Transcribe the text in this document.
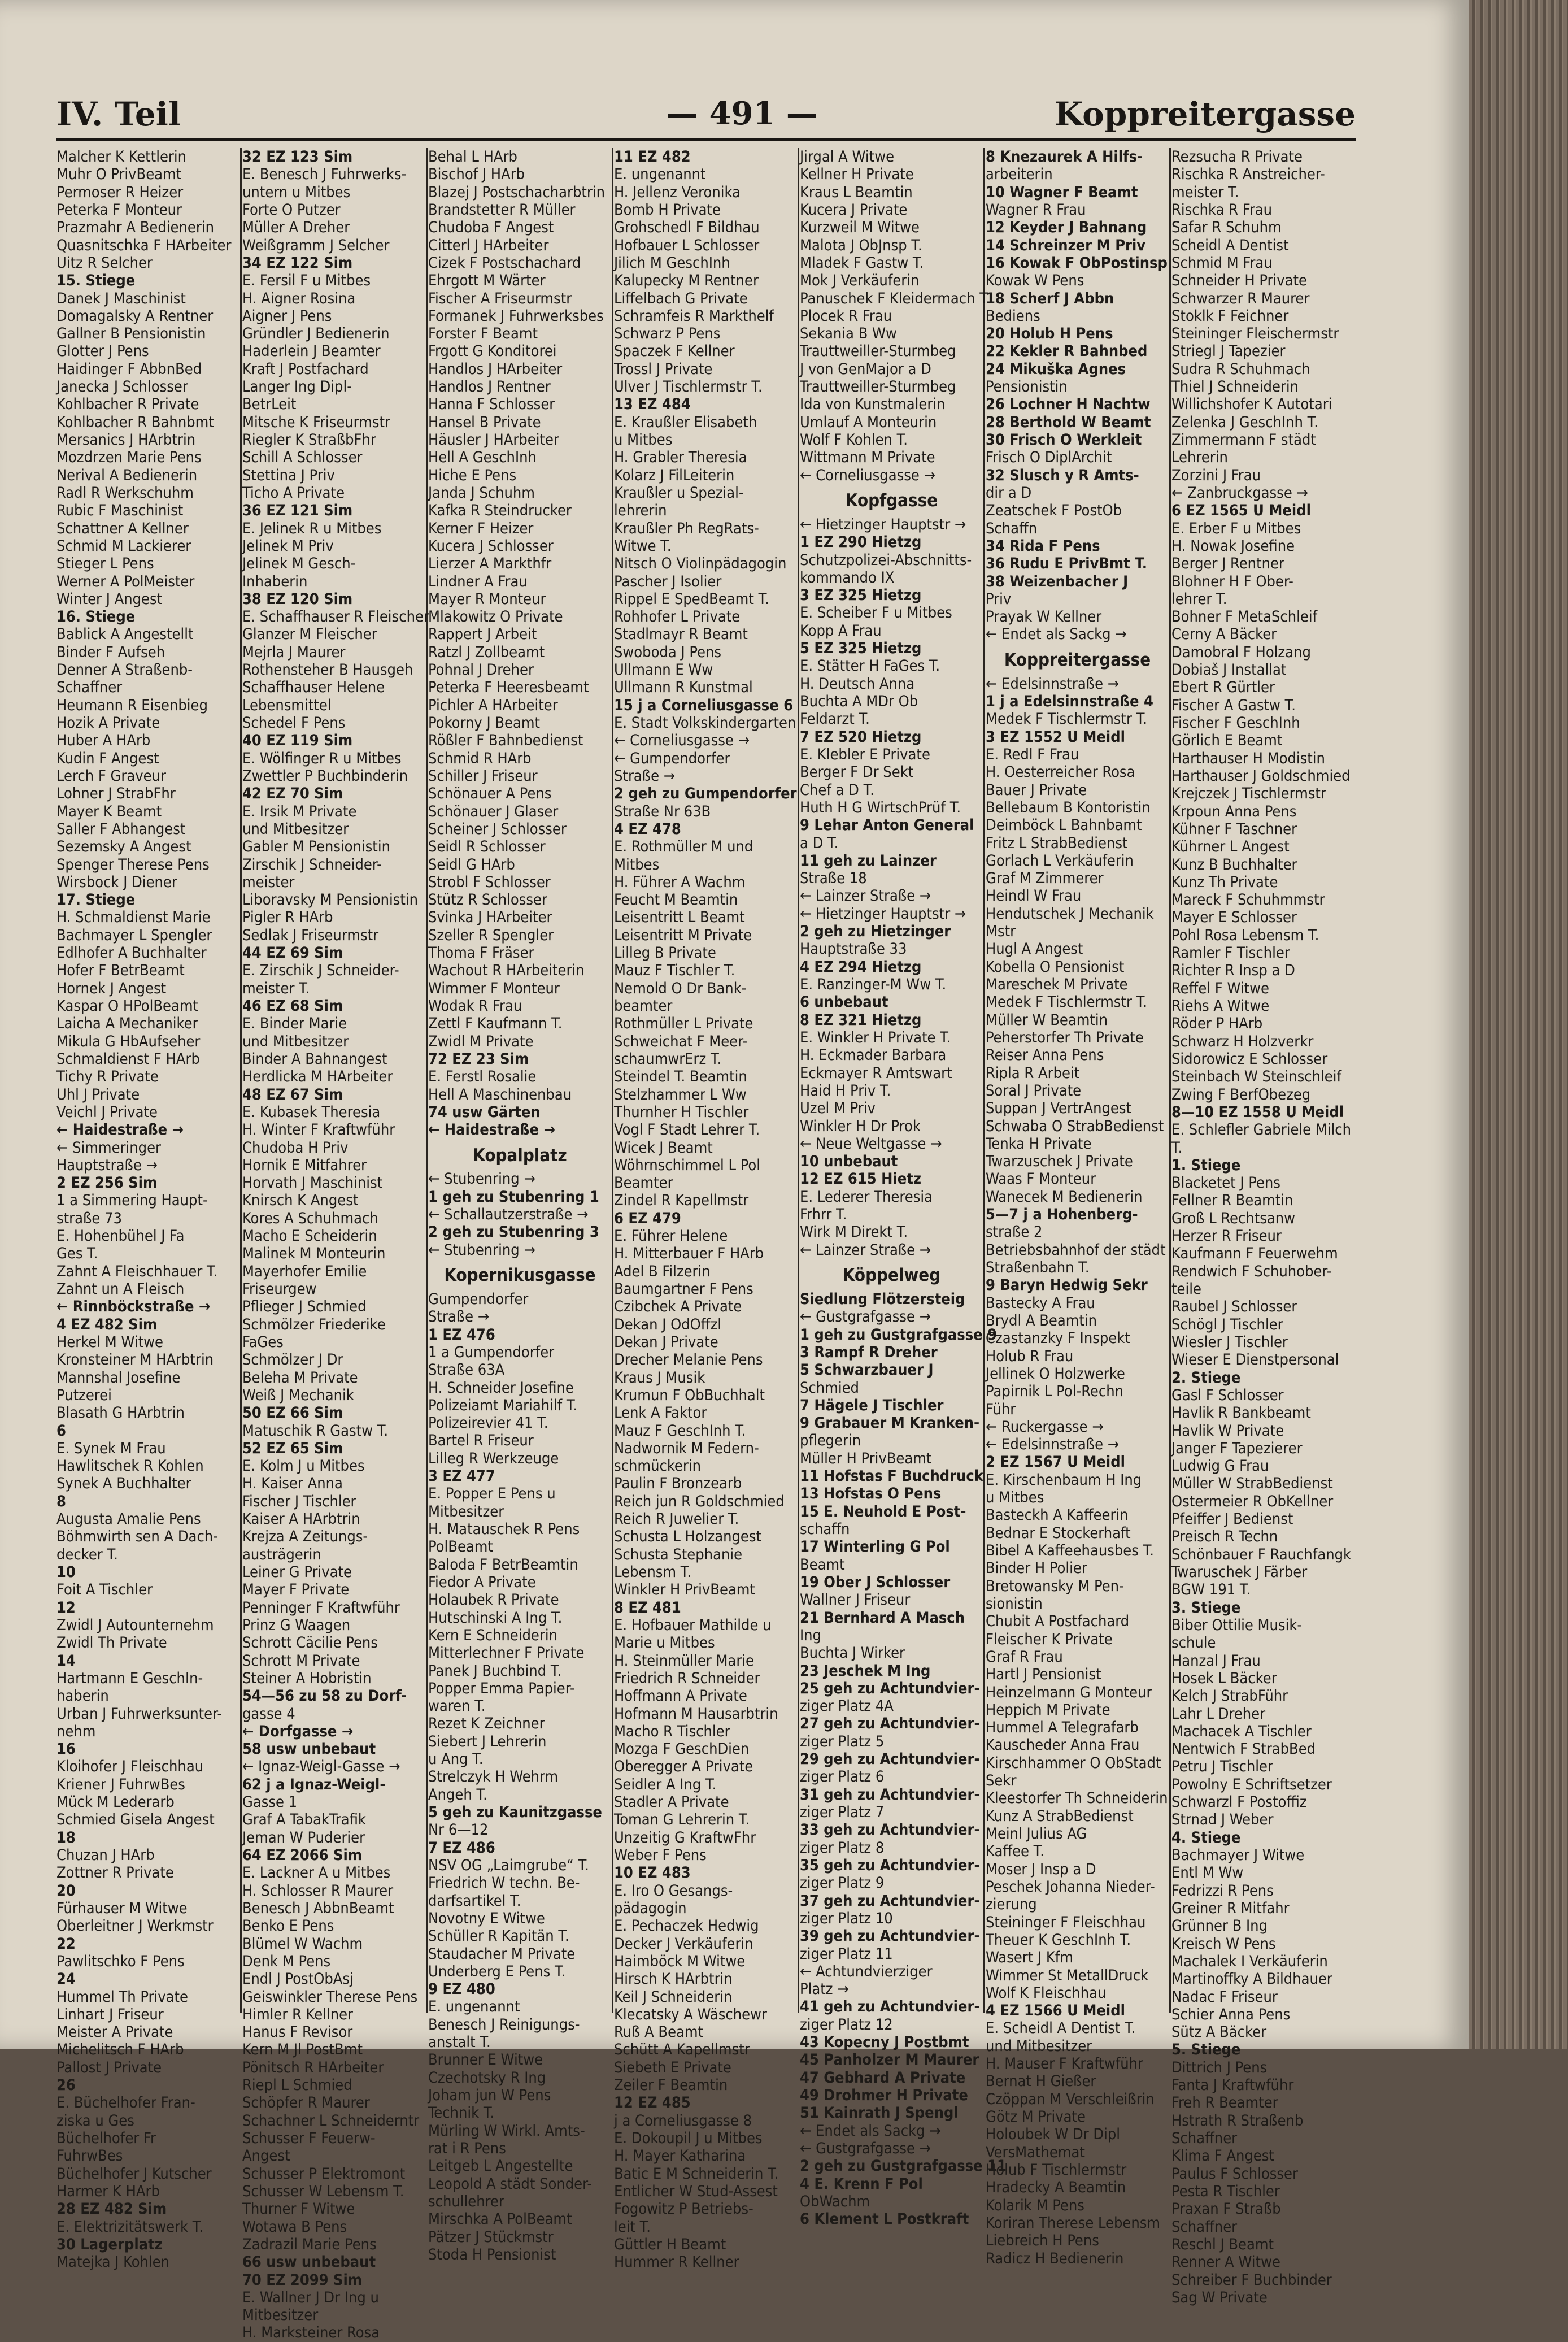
IV. Teil	— 491 —	Koppreitergasse
Malcher K Kettlerin
Muhr O PrivBeamt
Permoser R Heizer
Peterka F Monteur
Prazmahr A Bedienerin
Quasnitschka F HArbeiter
Uitz R Selcher
15. Stiege
Danek J Maschinist
Domagalsky A Rentner
Gallner B Pensionistin
Glotter J Pens
Haidinger F AbbnBed
Janecka J Schlosser
Kohlbacher R Private
Kohlbacher R Bahnbmt
Mersanics J HArbtrin
Mozdrzen Marie Pens
Nerival A Bedienerin
Radl R Werkschuhm
Rubic F Maschinist
Schattner A Kellner
Schmid M Lackierer
Stieger L Pens
Werner A PolMeister
Winter J Angest
16. Stiege
Bablick A Angestellt
Binder F Aufseh
Denner A Straßenb-
Schaffner
Heumann R Eisenbieg
Hozik A Private
Huber A HArb
Kudin F Angest
Lerch F Graveur
Lohner J StrabFhr
Mayer K Beamt
Saller F Abhangest
Sezemsky A Angest
Spenger Therese Pens
Wirsbock J Diener
17. Stiege
H. Schmaldienst Marie
Bachmayer L Spengler
Edlhofer A Buchhalter
Hofer F BetrBeamt
Hornek J Angest
Kaspar O HPolBeamt
Laicha A Mechaniker
Mikula G HbAufseher
Schmaldienst F HArb
Tichy R Private
Uhl J Private
Veichl J Private
← Haidestraße →
← Simmeringer
Hauptstraße →
2 EZ 256 Sim
1 a Simmering Haupt-
straße 73
E. Hohenbühel J Fa
Ges T.
Zahnt A Fleischhauer T.
Zahnt un A Fleisch
← Rinnböckstraße →
4 EZ 482 Sim
Herkel M Witwe
Kronsteiner M HArbtrin
Mannshal Josefine
Putzerei
Blasath G HArbtrin
6
E. Synek M Frau
Hawlitschek R Kohlen
Synek A Buchhalter
8
Augusta Amalie Pens
Böhmwirth sen A Dach-
decker T.
10
Foit A Tischler
12
Zwidl J Autounternehm
Zwidl Th Private
14
Hartmann E GeschIn-
haberin
Urban J Fuhrwerksunter-
nehm
16
Kloihofer J Fleischhau
Kriener J FuhrwBes
Mück M Lederarb
Schmied Gisela Angest
18
Chuzan J HArb
Zottner R Private
20
Fürhauser M Witwe
Oberleitner J Werkmstr
22
Pawlitschko F Pens
24
Hummel Th Private
Linhart J Friseur
Meister A Private
Michelitsch F HArb
Pallost J Private
26
E. Büchelhofer Fran-
ziska u Ges
Büchelhofer Fr
FuhrwBes
Büchelhofer J Kutscher
Harmer K HArb
28 EZ 482 Sim
E. Elektrizitätswerk T.
30 Lagerplatz
Matejka J Kohlen
32 EZ 123 Sim
E. Benesch J Fuhrwerks-
untern u Mitbes
Forte O Putzer
Müller A Dreher
Weißgramm J Selcher
34 EZ 122 Sim
E. Fersil F u Mitbes
H. Aigner Rosina
Aigner J Pens
Gründler J Bedienerin
Haderlein J Beamter
Kraft J Postfachard
Langer Ing Dipl-
BetrLeit
Mitsche K Friseurmstr
Riegler K StraßbFhr
Schill A Schlosser
Stettina J Priv
Ticho A Private
36 EZ 121 Sim
E. Jelinek R u Mitbes
Jelinek M Priv
Jelinek M Gesch-
Inhaberin
38 EZ 120 Sim
E. Schaffhauser R Fleischer
Glanzer M Fleischer
Mejrla J Maurer
Rothensteher B Hausgeh
Schaffhauser Helene
Lebensmittel
Schedel F Pens
40 EZ 119 Sim
E. Wölfinger R u Mitbes
Zwettler P Buchbinderin
42 EZ 70 Sim
E. Irsik M Private
und Mitbesitzer
Gabler M Pensionistin
Zirschik J Schneider-
meister
Liboravsky M Pensionistin
Pigler R HArb
Sedlak J Friseurmstr
44 EZ 69 Sim
E. Zirschik J Schneider-
meister T.
46 EZ 68 Sim
E. Binder Marie
und Mitbesitzer
Binder A Bahnangest
Herdlicka M HArbeiter
48 EZ 67 Sim
E. Kubasek Theresia
H. Winter F Kraftwführ
Chudoba H Priv
Hornik E Mitfahrer
Horvath J Maschinist
Knirsch K Angest
Kores A Schuhmach
Macho E Scheiderin
Malinek M Monteurin
Mayerhofer Emilie
Friseurgew
Pflieger J Schmied
Schmölzer Friederike
FaGes
Schmölzer J Dr
Beleha M Private
Weiß J Mechanik
50 EZ 66 Sim
Matuschik R Gastw T.
52 EZ 65 Sim
E. Kolm J u Mitbes
H. Kaiser Anna
Fischer J Tischler
Kaiser A HArbtrin
Krejza A Zeitungs-
austrägerin
Leiner G Private
Mayer F Private
Penninger F Kraftwführ
Prinz G Waagen
Schrott Cäcilie Pens
Schrott M Private
Steiner A Hobristin
54—56 zu 58 zu Dorf-
gasse 4
← Dorfgasse →
58 usw unbebaut
← Ignaz-Weigl-Gasse →
62 j a Ignaz-Weigl-
Gasse 1
Graf A TabakTrafik
Jeman W Puderier
64 EZ 2066 Sim
E. Lackner A u Mitbes
H. Schlosser R Maurer
Benesch J AbbnBeamt
Benko E Pens
Blümel W Wachm
Denk M Pens
Endl J PostObAsj
Geiswinkler Therese Pens
Himler R Kellner
Hanus F Revisor
Kern M Jl PostBmt
Pönitsch R HArbeiter
Riepl L Schmied
Schöpfer R Maurer
Schachner L Schneiderntr
Schusser F Feuerw-
Angest
Schusser P Elektromont
Schusser W Lebensm T.
Thurner F Witwe
Wotawa B Pens
Zadrazil Marie Pens
66 usw unbebaut
70 EZ 2099 Sim
E. Wallner J Dr Ing u
Mitbesitzer
H. Marksteiner Rosa
Behal L HArb
Bischof J HArb
Blazej J Postschacharbtrin
Brandstetter R Müller
Chudoba F Angest
Citterl J HArbeiter
Cizek F Postschachard
Ehrgott M Wärter
Fischer A Friseurmstr
Formanek J Fuhrwerksbes
Forster F Beamt
Frgott G Konditorei
Handlos J HArbeiter
Handlos J Rentner
Hanna F Schlosser
Hansel B Private
Häusler J HArbeiter
Hell A GeschInh
Hiche E Pens
Janda J Schuhm
Kafka R Steindrucker
Kerner F Heizer
Kucera J Schlosser
Lierzer A Markthfr
Lindner A Frau
Mayer R Monteur
Mlakowitz O Private
Rappert J Arbeit
Ratzl J Zollbeamt
Pohnal J Dreher
Peterka F Heeresbeamt
Pichler A HArbeiter
Pokorny J Beamt
Rößler F Bahnbedienst
Schmid R HArb
Schiller J Friseur
Schönauer A Pens
Schönauer J Glaser
Scheiner J Schlosser
Seidl R Schlosser
Seidl G HArb
Strobl F Schlosser
Stütz R Schlosser
Svinka J HArbeiter
Szeller R Spengler
Thoma F Fräser
Wachout R HArbeiterin
Wimmer F Monteur
Wodak R Frau
Zettl F Kaufmann T.
Zwidl M Private
72 EZ 23 Sim
E. Ferstl Rosalie
Hell A Maschinenbau
74 usw Gärten
← Haidestraße →
Kopalplatz
← Stubenring →
1 geh zu Stubenring 1
← Schallautzerstraße →
2 geh zu Stubenring 3
← Stubenring →
Kopernikusgasse
Gumpendorfer
Straße →
1 EZ 476
1 a Gumpendorfer
Straße 63A
H. Schneider Josefine
Polizeiamt Mariahilf T.
Polizeirevier 41 T.
Bartel R Friseur
Lilleg R Werkzeuge
3 EZ 477
E. Popper E Pens u
Mitbesitzer
H. Matauschek R Pens
PolBeamt
Baloda F BetrBeamtin
Fiedor A Private
Holaubek R Private
Hutschinski A Ing T.
Kern E Schneiderin
Mitterlechner F Private
Panek J Buchbind T.
Popper Emma Papier-
waren T.
Rezet K Zeichner
Siebert J Lehrerin
u Ang T.
Strelczyk H Wehrm
Angeh T.
5 geh zu Kaunitzgasse
Nr 6—12
7 EZ 486
NSV OG „Laimgrube“ T.
Friedrich W techn. Be-
darfsartikel T.
Novotny E Witwe
Schüller R Kapitän T.
Staudacher M Private
Underberg E Pens T.
9 EZ 480
E. ungenannt
Benesch J Reinigungs-
anstalt T.
Brunner E Witwe
Czechotsky R Ing
Joham jun W Pens
Technik T.
Mürling W Wirkl. Amts-
rat i R Pens
Leitgeb L Angestellte
Leopold A städt Sonder-
schullehrer
Mirschka A PolBeamt
Pätzer J Stückmstr
Stoda H Pensionist
11 EZ 482
E. ungenannt
H. Jellenz Veronika
Bomb H Private
Grohschedl F Bildhau
Hofbauer L Schlosser
Jilich M GeschInh
Kalupecky M Rentner
Liffelbach G Private
Schramfeis R Markthelf
Schwarz P Pens
Spaczek F Kellner
Trossl J Private
Ulver J Tischlermstr T.
13 EZ 484
E. Kraußler Elisabeth
u Mitbes
H. Grabler Theresia
Kolarz J FilLeiterin
Kraußler u Spezial-
lehrerin
Kraußler Ph RegRats-
Witwe T.
Nitsch O Violinpädagogin
Pascher J Isolier
Rippel E SpedBeamt T.
Rohhofer L Private
Stadlmayr R Beamt
Swoboda J Pens
Ullmann E Ww
Ullmann R Kunstmal
15 j a Corneliusgasse 6
E. Stadt Volkskindergarten
← Corneliusgasse →
← Gumpendorfer
Straße →
2 geh zu Gumpendorfer
Straße Nr 63B
4 EZ 478
E. Rothmüller M und
Mitbes
H. Führer A Wachm
Feucht M Beamtin
Leisentritt L Beamt
Leisentritt M Private
Lilleg B Private
Mauz F Tischler T.
Nemold O Dr Bank-
beamter
Rothmüller L Private
Schweichat F Meer-
schaumwrErz T.
Steindel T. Beamtin
Stelzhammer L Ww
Thurnher H Tischler
Vogl F Stadt Lehrer T.
Wicek J Beamt
Wöhrnschimmel L Pol
Beamter
Zindel R Kapellmstr
6 EZ 479
E. Führer Helene
H. Mitterbauer F HArb
Adel B Filzerin
Baumgartner F Pens
Czibchek A Private
Dekan J OdOffzl
Dekan J Private
Drecher Melanie Pens
Kraus J Musik
Krumun F ObBuchhalt
Lenk A Faktor
Mauz F GeschInh T.
Nadwornik M Federn-
schmückerin
Paulin F Bronzearb
Reich jun R Goldschmied
Reich R Juwelier T.
Schusta L Holzangest
Schusta Stephanie
Lebensm T.
Winkler H PrivBeamt
8 EZ 481
E. Hofbauer Mathilde u
Marie u Mitbes
H. Steinmüller Marie
Friedrich R Schneider
Hoffmann A Private
Hofmann M Hausarbtrin
Macho R Tischler
Mozga F GeschDien
Oberegger A Private
Seidler A Ing T.
Stadler A Private
Toman G Lehrerin T.
Unzeitig G KraftwFhr
Weber F Pens
10 EZ 483
E. Iro O Gesangs-
pädagogin
E. Pechaczek Hedwig
Decker J Verkäuferin
Haimböck M Witwe
Hirsch K HArbtrin
Keil J Schneiderin
Klecatsky A Wäschewr
Ruß A Beamt
Schütt A Kapellmstr
Siebeth E Private
Zeiler F Beamtin
12 EZ 485
j a Corneliusgasse 8
E. Dokoupil J u Mitbes
H. Mayer Katharina
Batic E M Schneiderin T.
Entlicher W Stud-Assest
Fogowitz P Betriebs-
leit T.
Güttler H Beamt
Hummer R Kellner
Jirgal A Witwe
Kellner H Private
Kraus L Beamtin
Kucera J Private
Kurzweil M Witwe
Malota J ObJnsp T.
Mladek F Gastw T.
Mok J Verkäuferin
Panuschek F Kleidermach T.
Plocek R Frau
Sekania B Ww
Trauttweiller-Sturmbeg
J von GenMajor a D
Trauttweiller-Sturmbeg
Ida von Kunstmalerin
Umlauf A Monteurin
Wolf F Kohlen T.
Wittmann M Private
← Corneliusgasse →
Kopfgasse
← Hietzinger Hauptstr →
1 EZ 290 Hietzg
Schutzpolizei-Abschnitts-
kommando IX
3 EZ 325 Hietzg
E. Scheiber F u Mitbes
Kopp A Frau
5 EZ 325 Hietzg
E. Stätter H FaGes T.
H. Deutsch Anna
Buchta A MDr Ob
Feldarzt T.
7 EZ 520 Hietzg
E. Klebler E Private
Berger F Dr Sekt
Chef a D T.
Huth H G WirtschPrüf T.
9 Lehar Anton General
a D T.
11 geh zu Lainzer
Straße 18
← Lainzer Straße →
← Hietzinger Hauptstr →
2 geh zu Hietzinger
Hauptstraße 33
4 EZ 294 Hietzg
E. Ranzinger-M Ww T.
6 unbebaut
8 EZ 321 Hietzg
E. Winkler H Private T.
H. Eckmader Barbara
Eckmayer R Amtswart
Haid H Priv T.
Uzel M Priv
Winkler H Dr Prok
← Neue Weltgasse →
10 unbebaut
12 EZ 615 Hietz
E. Lederer Theresia
Frhrr T.
Wirk M Direkt T.
← Lainzer Straße →
Köppelweg
Siedlung Flötzersteig
← Gustgrafgasse →
1 geh zu Gustgrafgasse 9
3 Rampf R Dreher
5 Schwarzbauer J
Schmied
7 Hägele J Tischler
9 Grabauer M Kranken-
pflegerin
Müller H PrivBeamt
11 Hofstas F Buchdruck
13 Hofstas O Pens
15 E. Neuhold E Post-
schaffn
17 Winterling G Pol
Beamt
19 Ober J Schlosser
Wallner J Friseur
21 Bernhard A Masch
Ing
Buchta J Wirker
23 Jeschek M Ing
25 geh zu Achtundvier-
ziger Platz 4A
27 geh zu Achtundvier-
ziger Platz 5
29 geh zu Achtundvier-
ziger Platz 6
31 geh zu Achtundvier-
ziger Platz 7
33 geh zu Achtundvier-
ziger Platz 8
35 geh zu Achtundvier-
ziger Platz 9
37 geh zu Achtundvier-
ziger Platz 10
39 geh zu Achtundvier-
ziger Platz 11
← Achtundvierziger
Platz →
41 geh zu Achtundvier-
ziger Platz 12
43 Kopecny J Postbmt
45 Panholzer M Maurer
47 Gebhard A Private
49 Drohmer H Private
51 Kainrath J Spengl
← Endet als Sackg →
← Gustgrafgasse →
2 geh zu Gustgrafgasse 11
4 E. Krenn F Pol
ObWachm
6 Klement L Postkraft
8 Knezaurek A Hilfs-
arbeiterin
10 Wagner F Beamt
Wagner R Frau
12 Keyder J Bahnang
14 Schreinzer M Priv
16 Kowak F ObPostinsp
Kowak W Pens
18 Scherf J Abbn
Bediens
20 Holub H Pens
22 Kekler R Bahnbed
24 Mikuška Agnes
Pensionistin
26 Lochner H Nachtw
28 Berthold W Beamt
30 Frisch O Werkleit
Frisch O DiplArchit
32 Slusch y R Amts-
dir a D
Zeatschek F PostOb
Schaffn
34 Rida F Pens
36 Rudu E PrivBmt T.
38 Weizenbacher J
Priv
Prayak W Kellner
← Endet als Sackg →
Koppreitergasse
← Edelsinnstraße →
1 j a Edelsinnstraße 4
Medek F Tischlermstr T.
3 EZ 1552 U Meidl
E. Redl F Frau
H. Oesterreicher Rosa
Bauer J Private
Bellebaum B Kontoristin
Deimböck L Bahnbamt
Fritz L StrabBedienst
Gorlach L Verkäuferin
Graf M Zimmerer
Heindl W Frau
Hendutschek J Mechanik
Mstr
Hugl A Angest
Kobella O Pensionist
Mareschek M Private
Medek F Tischlermstr T.
Müller W Beamtin
Peherstorfer Th Private
Reiser Anna Pens
Ripla R Arbeit
Soral J Private
Suppan J VertrAngest
Schwaba O StrabBedienst
Tenka H Private
Twarzuschek J Private
Waas F Monteur
Wanecek M Bedienerin
5—7 j a Hohenberg-
straße 2
Betriebsbahnhof der städt
Straßenbahn T.
9 Baryn Hedwig Sekr
Bastecky A Frau
Brydl A Beamtin
Czastanzky F Inspekt
Holub R Frau
Jellinek O Holzwerke
Papirnik L Pol-Rechn
Führ
← Ruckergasse →
← Edelsinnstraße →
2 EZ 1567 U Meidl
E. Kirschenbaum H Ing
u Mitbes
Basteckh A Kaffeerin
Bednar E Stockerhaft
Bibel A Kaffeehausbes T.
Binder H Polier
Bretowansky M Pen-
sionistin
Chubit A Postfachard
Fleischer K Private
Graf R Frau
Hartl J Pensionist
Heinzelmann G Monteur
Heppich M Private
Hummel A Telegrafarb
Kauscheder Anna Frau
Kirschhammer O ObStadt
Sekr
Kleestorfer Th Schneiderin
Kunz A StrabBedienst
Meinl Julius AG
Kaffee T.
Moser J Insp a D
Peschek Johanna Nieder-
zierung
Steininger F Fleischhau
Theuer K GeschInh T.
Wasert J Kfm
Wimmer St MetallDruck
Wolf K Fleischhau
4 EZ 1566 U Meidl
E. Scheidl A Dentist T.
und Mitbesitzer
H. Mauser F Kraftwführ
Bernat H Gießer
Czöppan M Verschleißrin
Götz M Private
Holoubek W Dr Dipl
VersMathemat
Holub F Tischlermstr
Hradecky A Beamtin
Kolarik M Pens
Koriran Therese Lebensm
Liebreich H Pens
Radicz H Bedienerin
Rezsucha R Private
Rischka R Anstreicher-
meister T.
Rischka R Frau
Safar R Schuhm
Scheidl A Dentist
Schmid M Frau
Schneider H Private
Schwarzer R Maurer
Stoklk F Feichner
Steininger Fleischermstr
Striegl J Tapezier
Sudra R Schuhmach
Thiel J Schneiderin
Willichshofer K Autotari
Zelenka J GeschInh T.
Zimmermann F städt
Lehrerin
Zorzini J Frau
← Zanbruckgasse →
6 EZ 1565 U Meidl
E. Erber F u Mitbes
H. Nowak Josefine
Berger J Rentner
Blohner H F Ober-
lehrer T.
Bohner F MetaSchleif
Cerny A Bäcker
Damobral F Holzang
Dobiaš J Installat
Ebert R Gürtler
Fischer A Gastw T.
Fischer F GeschInh
Görlich E Beamt
Harthauser H Modistin
Harthauser J Goldschmied
Krejczek J Tischlermstr
Krpoun Anna Pens
Kühner F Taschner
Kührner L Angest
Kunz B Buchhalter
Kunz Th Private
Mareck F Schuhmmstr
Mayer E Schlosser
Pohl Rosa Lebensm T.
Ramler F Tischler
Richter R Insp a D
Reffel F Witwe
Riehs A Witwe
Röder P HArb
Schwarz H Holzverkr
Sidorowicz E Schlosser
Steinbach W Steinschleif
Zwing F BerfObezeg
8—10 EZ 1558 U Meidl
E. Schlefler Gabriele Milch
T.
1. Stiege
Blacketet J Pens
Fellner R Beamtin
Groß L Rechtsanw
Herzer R Friseur
Kaufmann F Feuerwehm
Rendwich F Schuhober-
teile
Raubel J Schlosser
Schögl J Tischler
Wiesler J Tischler
Wieser E Dienstpersonal
2. Stiege
Gasl F Schlosser
Havlik R Bankbeamt
Havlik W Private
Janger F Tapezierer
Ludwig G Frau
Müller W StrabBedienst
Ostermeier R ObKellner
Pfeiffer J Bedienst
Preisch R Techn
Schönbauer F Rauchfangk
Twaruschek J Färber
BGW 191 T.
3. Stiege
Biber Ottilie Musik-
schule
Hanzal J Frau
Hosek L Bäcker
Kelch J StrabFühr
Lahr L Dreher
Machacek A Tischler
Nentwich F StrabBed
Petru J Tischler
Powolny E Schriftsetzer
Schwarzl F Postoffiz
Strnad J Weber
4. Stiege
Bachmayer J Witwe
Entl M Ww
Fedrizzi R Pens
Greiner R Mitfahr
Grünner B Ing
Kreisch W Pens
Machalek I Verkäuferin
Martinoffky A Bildhauer
Nadac F Friseur
Schier Anna Pens
Sütz A Bäcker
5. Stiege
Dittrich J Pens
Fanta J Kraftwführ
Freh R Beamter
Hstrath R Straßenb
Schaffner
Klima F Angest
Paulus F Schlosser
Pesta R Tischler
Praxan F Straßb
Schaffner
Reschl J Beamt
Renner A Witwe
Schreiber F Buchbinder
Sag W Private
